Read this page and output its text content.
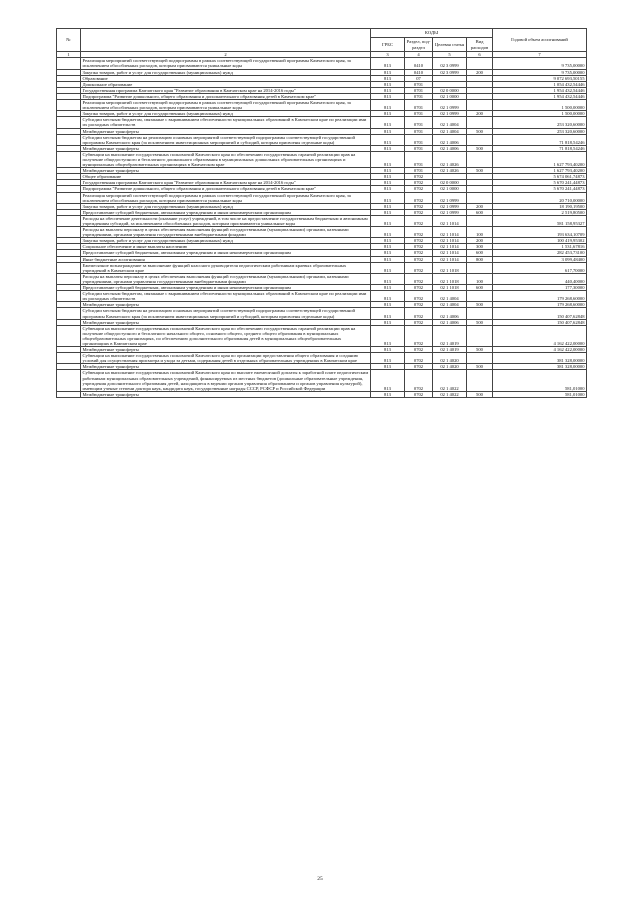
№		КОДЫ				Годовой объем ассигнований
		ГРБС	Раздел, под-раздел	Целевая статья	Вид расходов	
1	2	3	4	5	6	7
	Реализация мероприятий соответствующей подпрограммы в рамках соответствующей государственной программы Камчатского края, за исключением обособленных расходов, которым присваиваются уникальные коды	813	0410	02 3 0999		9 735,00000
	Закупка товаров, работ и услуг для государственных (муниципальных) нужд	813	0410	02 3 0999	200	9 735,00000
	Образование	813	07			9 072 693,50155
	Дошкольное образование	813	0701			1 054 432,54446
	Государственная программа Камчатского края "Развитие образования в Камчатском крае на 2014-2016 годы"	813	0701	02 0 0000		1 954 432,54446
	Подпрограмма "Развитие дошкольного, общего образования и дополнительного образования детей в Камчатском крае"	813	0701	02 1 0000		1 954 432,54446
	Реализация мероприятий соответствующей подпрограммы в рамках соответствующей государственной программы Камчатского края, за исключением обособленных расходов, которым присваиваются уникальные коды	813	0701	02 1 0999		1 500,00000
	Закупка товаров, работ и услуг для государственных (муниципальных) нужд	813	0701	02 1 0999	200	1 500,00000
	Субсидии местным бюджетам, связанные с выравниванием обеспеченности муниципальных образований в Камчатском крае по реализации ими их расходных обязательств	813	0701	02 1 4004		253 320,60000
	Межбюджетные трансферты	813	0701	02 1 4004	500	253 320,60000
	Субсидии местным бюджетам на реализацию основных мероприятий соответствующей подпрограммы соответствующей государственной программы Камчатского края (за исключением инвестиционных мероприятий и субсидий, которым присвоены отдельные коды)	813	0701	02 1 4006		71 818,54246
	Межбюджетные трансферты	813	0701	02 1 4006	500	71 818,54246
	Субвенции на выполнение государственных полномочий Камчатского края по обеспечению государственных гарантий реализации прав на получение общедоступного и бесплатного дошкольного образования в муниципальных дошкольных образовательных организациях и муниципальных общеобразовательных организациях в Камчатском крае	813	0701	02 1 4026		1 627 793,40200
	Межбюджетные трансферты	813	0701	02 1 4026	500	1 627 793,40200
	Общее образование	813	0702			5 674 061,74873
	Государственная программа Камчатского края "Развитие образования в Камчатском крае на 2014-2016 годы"	813	0702	02 0 0000		5 670 241,44873
	Подпрограмма "Развитие дошкольного, общего образования и дополнительного образования детей в Камчатском крае"	813	0702	02 1 0000		5 670 241,44873
	Реализация мероприятий соответствующей подпрограммы в рамках соответствующей государственной программы Камчатского края, за исключением обособленных расходов, которым присваиваются уникальные коды	813	0702	02 1 0999		20 710,00000
	Закупка товаров, работ и услуг для государственных (муниципальных) нужд	813	0702	02 1 0999	200	18 190,19500
	Предоставление субсидий бюджетным, автономным учреждениям и иным некоммерческим организациям	813	0702	02 1 0999	600	2 519,80500
	Расходы на обеспечение деятельности (оказание услуг) учреждений, в том числе на предоставление государственным бюджетным и автономным учреждениям субсидий, за исключением обособленных расходов, которым присваиваются уникальные коды	813	0702	02 1 1014		581 158,95327
	Расходы на выплаты персоналу в целях обеспечения выполнения функций государственными (муниципальными) органами, казенными учреждениями, органами управления государственными внебюджетными фондами	813	0702	02 1 1014	100	193 634,10709
	Закупка товаров, работ и услуг для государственных (муниципальных) нужд	813	0702	02 1 1014	200	100 419,95302
	Социальное обеспечение и иные выплаты населению	813	0702	02 1 1014	300	1 531,67816
	Предоставление субсидий бюджетным, автономным учреждениям и иным некоммерческим организациям	813	0702	02 1 1014	600	282 453,73100
	Иные бюджетные ассигнования	813	0702	02 1 1014	800	3 099,48400
	Ежемесячное вознаграждение за выполнение функций классного руководителя педагогическим работникам краевых образовательных учреждений в Камчатском крае	813	0702	02 1 1018		617,70000
	Расходы на выплаты персоналу в целях обеспечения выполнения функций государственными (муниципальными) органами, казенными учреждениями, органами управления государственными внебюджетными фондами	813	0702	02 1 1018	100	440,40000
	Предоставление субсидий бюджетным, автономным учреждениям и иным некоммерческим организациям	813	0702	02 1 1018	600	177,30000
	Субсидии местным бюджетам, связанные с выравниванием обеспеченности муниципальных образований в Камчатском крае по реализации ими их расходных обязательств	813	0702	02 1 4004		179 268,60000
	Межбюджетные трансферты	813	0702	02 1 4004	500	179 268,60000
	Субсидии местным бюджетам на реализацию основных мероприятий соответствующей подпрограммы соответствующей государственной программы Камчатского края (за исключением инвестиционных мероприятий и субсидий, которым присвоены отдельные коды)	813	0702	02 1 4006		150 407,62848
	Межбюджетные трансферты	813	0702	02 1 4006	500	150 407,62848
	Субвенции на выполнение государственных полномочий Камчатского края по обеспечению государственных гарантий реализации прав на получение общедоступного и бесплатного начального общего, основного общего, среднего общего образования в муниципальных общеобразовательных организациях, по обеспечению дополнительного образования детей в муниципальных общеобразовательных организациях в Камчатском крае	813	0702	02 1 4019		4 162 422,00000
	Межбюджетные трансферты	813	0702	02 1 4019	500	4 162 422,00000
	Субвенции на выполнение государственных полномочий Камчатского края по организации предоставления общего образования и созданию условий для осуществления присмотра и ухода за детьми, содержания детей в отдельных образовательных учреждениях в Камчатском крае	813	0702	02 1 4020		381 328,00000
	Межбюджетные трансферты	813	0702	02 1 4020	500	381 328,00000
	Субвенции на выполнение государственных полномочий Камчатского края по выплате ежемесячной доплаты к заработной плате педагогическим работникам муниципальных образовательных учреждений, финансируемых из местных бюджетов (дошкольные образовательные учреждения, учреждения дополнительного образования детей, находящиеся в ведении органов управления образованием и органов управления культурой), имеющим ученые степени доктора наук, кандидата наук, государственные награды СССР, РСФСР и Российской Федерации	813	0702	02 1 4022		581,01000
	Межбюджетные трансферты	813	0702	02 1 4022	500	581,01000
25
